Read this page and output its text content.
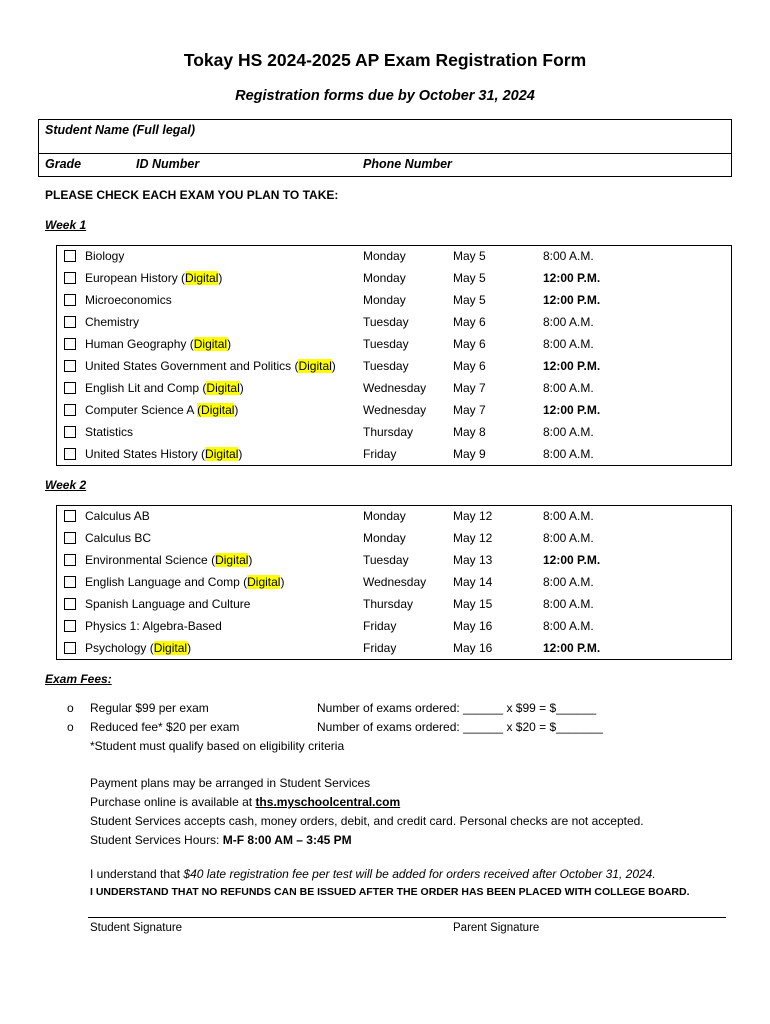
Tokay HS 2024-2025 AP Exam Registration Form
Registration forms due by October 31, 2024
Student Name (Full legal)
Grade	ID Number	Phone Number
PLEASE CHECK EACH EXAM YOU PLAN TO TAKE:
Week 1
Biology	Monday	May 5	8:00 A.M.
European History (Digital)	Monday	May 5	12:00 P.M.
Microeconomics	Monday	May 5	12:00 P.M.
Chemistry	Tuesday	May 6	8:00 A.M.
Human Geography (Digital)	Tuesday	May 6	8:00 A.M.
United States Government and Politics (Digital) Tuesday	May 6	12:00 P.M.
English Lit and Comp (Digital)	Wednesday May 7	8:00 A.M.
Computer Science A (Digital)	Wednesday May 7	12:00 P.M.
Statistics	Thursday	May 8	8:00 A.M.
United States History (Digital)	Friday	May 9	8:00 A.M.
Week 2
Calculus AB	Monday	May 12	8:00 A.M.
Calculus BC	Monday	May 12	8:00 A.M.
Environmental Science (Digital)	Tuesday	May 13	12:00 P.M.
English Language and Comp (Digital)	Wednesday May 14	8:00 A.M.
Spanish Language and Culture	Thursday	May 15	8:00 A.M.
Physics 1: Algebra-Based	Friday	May 16	8:00 A.M.
Psychology (Digital)	Friday	May 16	12:00 P.M.
Exam Fees:
o Regular $99 per exam	Number of exams ordered: ______ x $99 = $______
o Reduced fee* $20 per exam	Number of exams ordered: ______ x $20 = $_______
*Student must qualify based on eligibility criteria
Payment plans may be arranged in Student Services
Purchase online is available at ths.myschoolcentral.com
Student Services accepts cash, money orders, debit, and credit card. Personal checks are not accepted.
Student Services Hours: M-F 8:00 AM – 3:45 PM
I understand that $40 late registration fee per test will be added for orders received after October 31, 2024.
I UNDERSTAND THAT NO REFUNDS CAN BE ISSUED AFTER THE ORDER HAS BEEN PLACED WITH COLLEGE BOARD.
Student Signature	Parent Signature
